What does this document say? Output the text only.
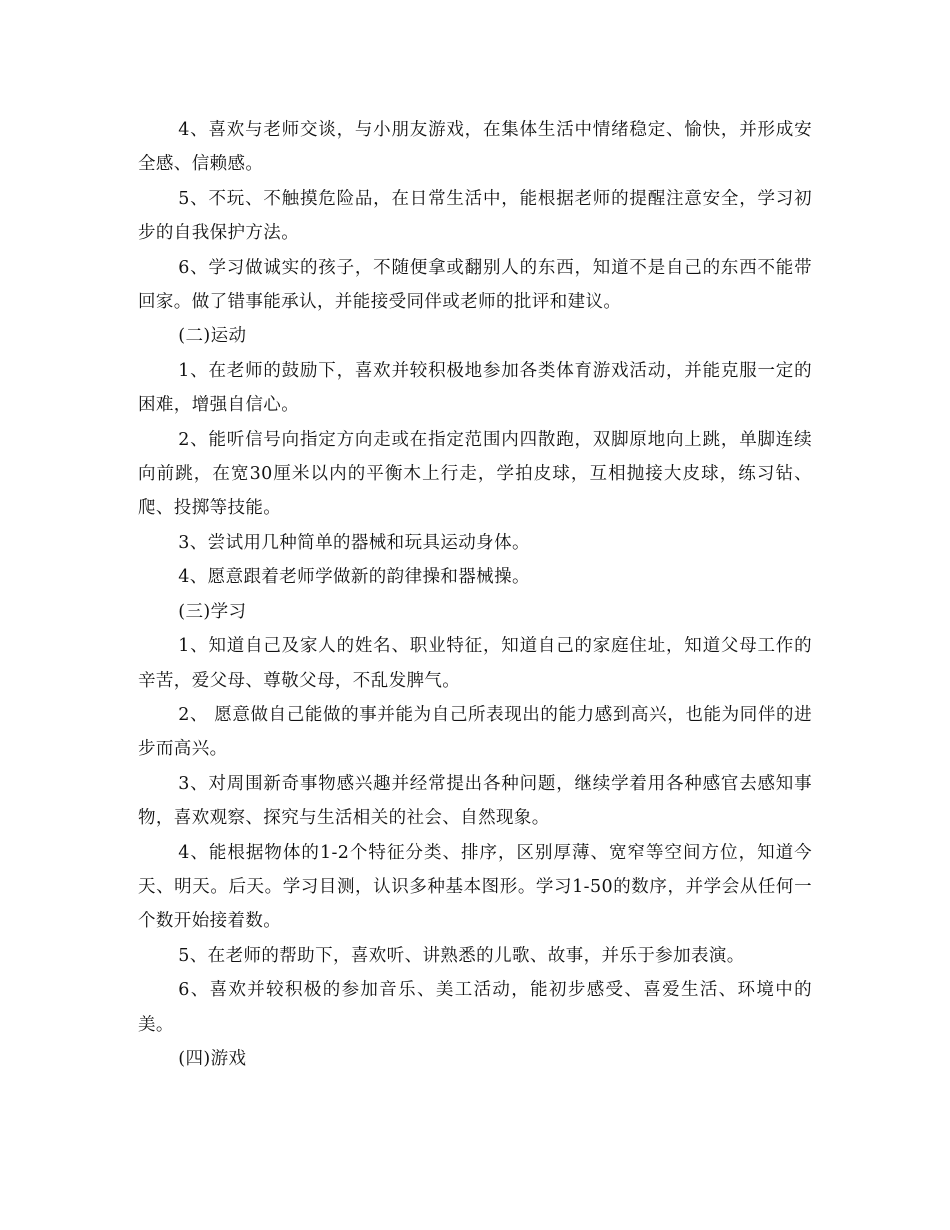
4、喜欢与老师交谈，与小朋友游戏，在集体生活中情绪稳定、愉快，并形成安全感、信赖感。

5、不玩、不触摸危险品，在日常生活中，能根据老师的提醒注意安全，学习初步的自我保护方法。

6、学习做诚实的孩子，不随便拿或翻别人的东西，知道不是自己的东西不能带回家。做了错事能承认，并能接受同伴或老师的批评和建议。

(二)运动

1、在老师的鼓励下，喜欢并较积极地参加各类体育游戏活动，并能克服一定的困难，增强自信心。

2、能听信号向指定方向走或在指定范围内四散跑，双脚原地向上跳，单脚连续向前跳，在宽30厘米以内的平衡木上行走，学拍皮球，互相抛接大皮球，练习钻、爬、投掷等技能。

3、尝试用几种简单的器械和玩具运动身体。

4、愿意跟着老师学做新的韵律操和器械操。

(三)学习

1、知道自己及家人的姓名、职业特征，知道自己的家庭住址，知道父母工作的辛苦，爱父母、尊敬父母，不乱发脾气。

2、 愿意做自己能做的事并能为自己所表现出的能力感到高兴，也能为同伴的进步而高兴。

3、对周围新奇事物感兴趣并经常提出各种问题，继续学着用各种感官去感知事物，喜欢观察、探究与生活相关的社会、自然现象。

4、能根据物体的1-2个特征分类、排序，区别厚薄、宽窄等空间方位，知道今天、明天。后天。学习目测，认识多种基本图形。学习1-50的数序，并学会从任何一个数开始接着数。

5、在老师的帮助下，喜欢听、讲熟悉的儿歌、故事，并乐于参加表演。

6、喜欢并较积极的参加音乐、美工活动，能初步感受、喜爱生活、环境中的美。

(四)游戏
